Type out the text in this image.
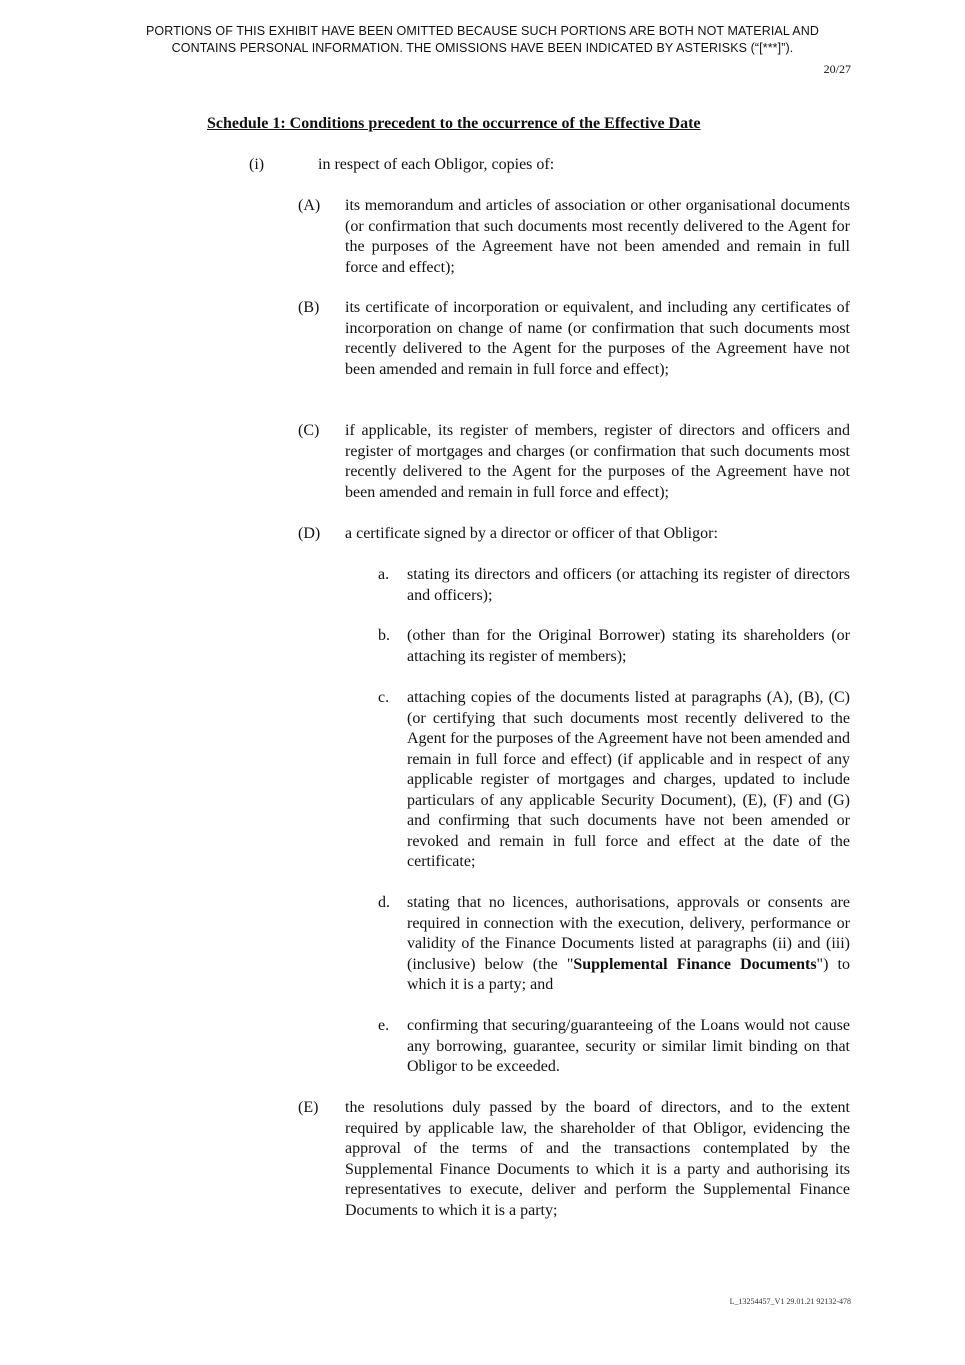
PORTIONS OF THIS EXHIBIT HAVE BEEN OMITTED BECAUSE SUCH PORTIONS ARE BOTH NOT MATERIAL AND
CONTAINS PERSONAL INFORMATION. THE OMISSIONS HAVE BEEN INDICATED BY ASTERISKS (“[***]”).
20/27
Schedule 1: Conditions precedent to the occurrence of the Effective Date
(i)	in respect of each Obligor, copies of:
(A) its memorandum and articles of association or other organisational documents (or confirmation that such documents most recently delivered to the Agent for the purposes of the Agreement have not been amended and remain in full force and effect);
(B) its certificate of incorporation or equivalent, and including any certificates of incorporation on change of name (or confirmation that such documents most recently delivered to the Agent for the purposes of the Agreement have not been amended and remain in full force and effect);
(C) if applicable, its register of members, register of directors and officers and register of mortgages and charges (or confirmation that such documents most recently delivered to the Agent for the purposes of the Agreement have not been amended and remain in full force and effect);
(D) a certificate signed by a director or officer of that Obligor:
a. stating its directors and officers (or attaching its register of directors and officers);
b. (other than for the Original Borrower) stating its shareholders (or attaching its register of members);
c. attaching copies of the documents listed at paragraphs (A), (B), (C) (or certifying that such documents most recently delivered to the Agent for the purposes of the Agreement have not been amended and remain in full force and effect) (if applicable and in respect of any applicable register of mortgages and charges, updated to include particulars of any applicable Security Document), (E), (F) and (G) and confirming that such documents have not been amended or revoked and remain in full force and effect at the date of the certificate;
d. stating that no licences, authorisations, approvals or consents are required in connection with the execution, delivery, performance or validity of the Finance Documents listed at paragraphs (ii) and (iii) (inclusive) below (the "Supplemental Finance Documents") to which it is a party; and
e. confirming that securing/guaranteeing of the Loans would not cause any borrowing, guarantee, security or similar limit binding on that Obligor to be exceeded.
(E) the resolutions duly passed by the board of directors, and to the extent required by applicable law, the shareholder of that Obligor, evidencing the approval of the terms of and the transactions contemplated by the Supplemental Finance Documents to which it is a party and authorising its representatives to execute, deliver and perform the Supplemental Finance Documents to which it is a party;
L_13254457_V1 29.01.21 92132-478
